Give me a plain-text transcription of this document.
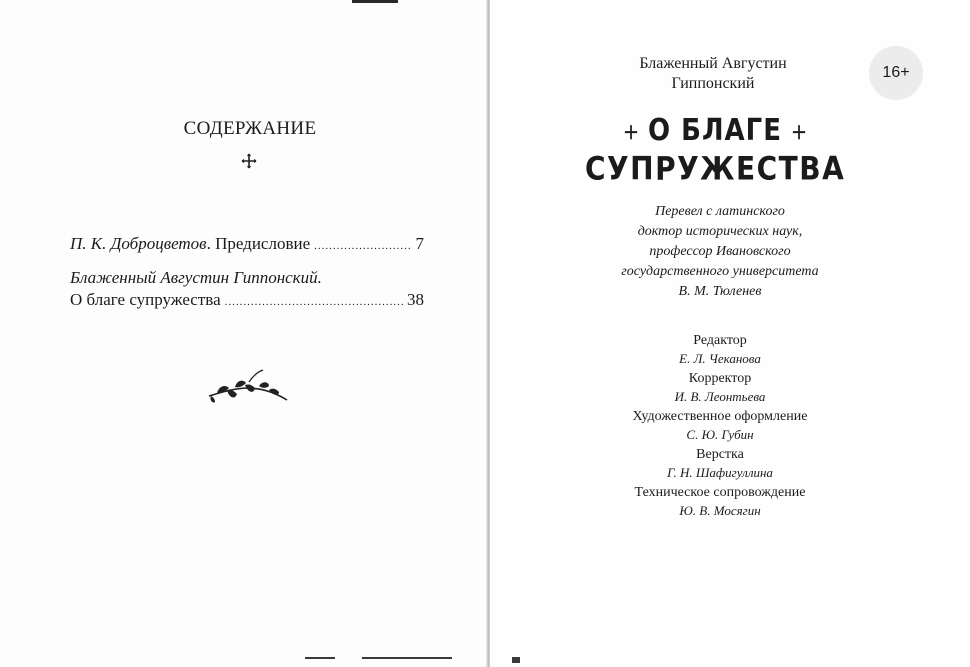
СОДЕРЖАНИЕ
П. К. Доброцветов . Предисловие .....	7
Блаженный Августин Гиппонский.
О благе супружества .....	38
Блаженный Августин
Гиппонский
16+
О БЛАГЕ
СУПРУЖЕСТВА
Перевел с латинского
доктор исторических наук,
профессор Ивановского
государственного университета
В. М. Тюленев
Редактор
Е. Л. Чеканова
Корректор
И. В. Леонтьева
Художественное оформление
С. Ю. Губин
Верстка
Г. Н. Шафигуллина
Техническое сопровождение
Ю. В. Мосягин
